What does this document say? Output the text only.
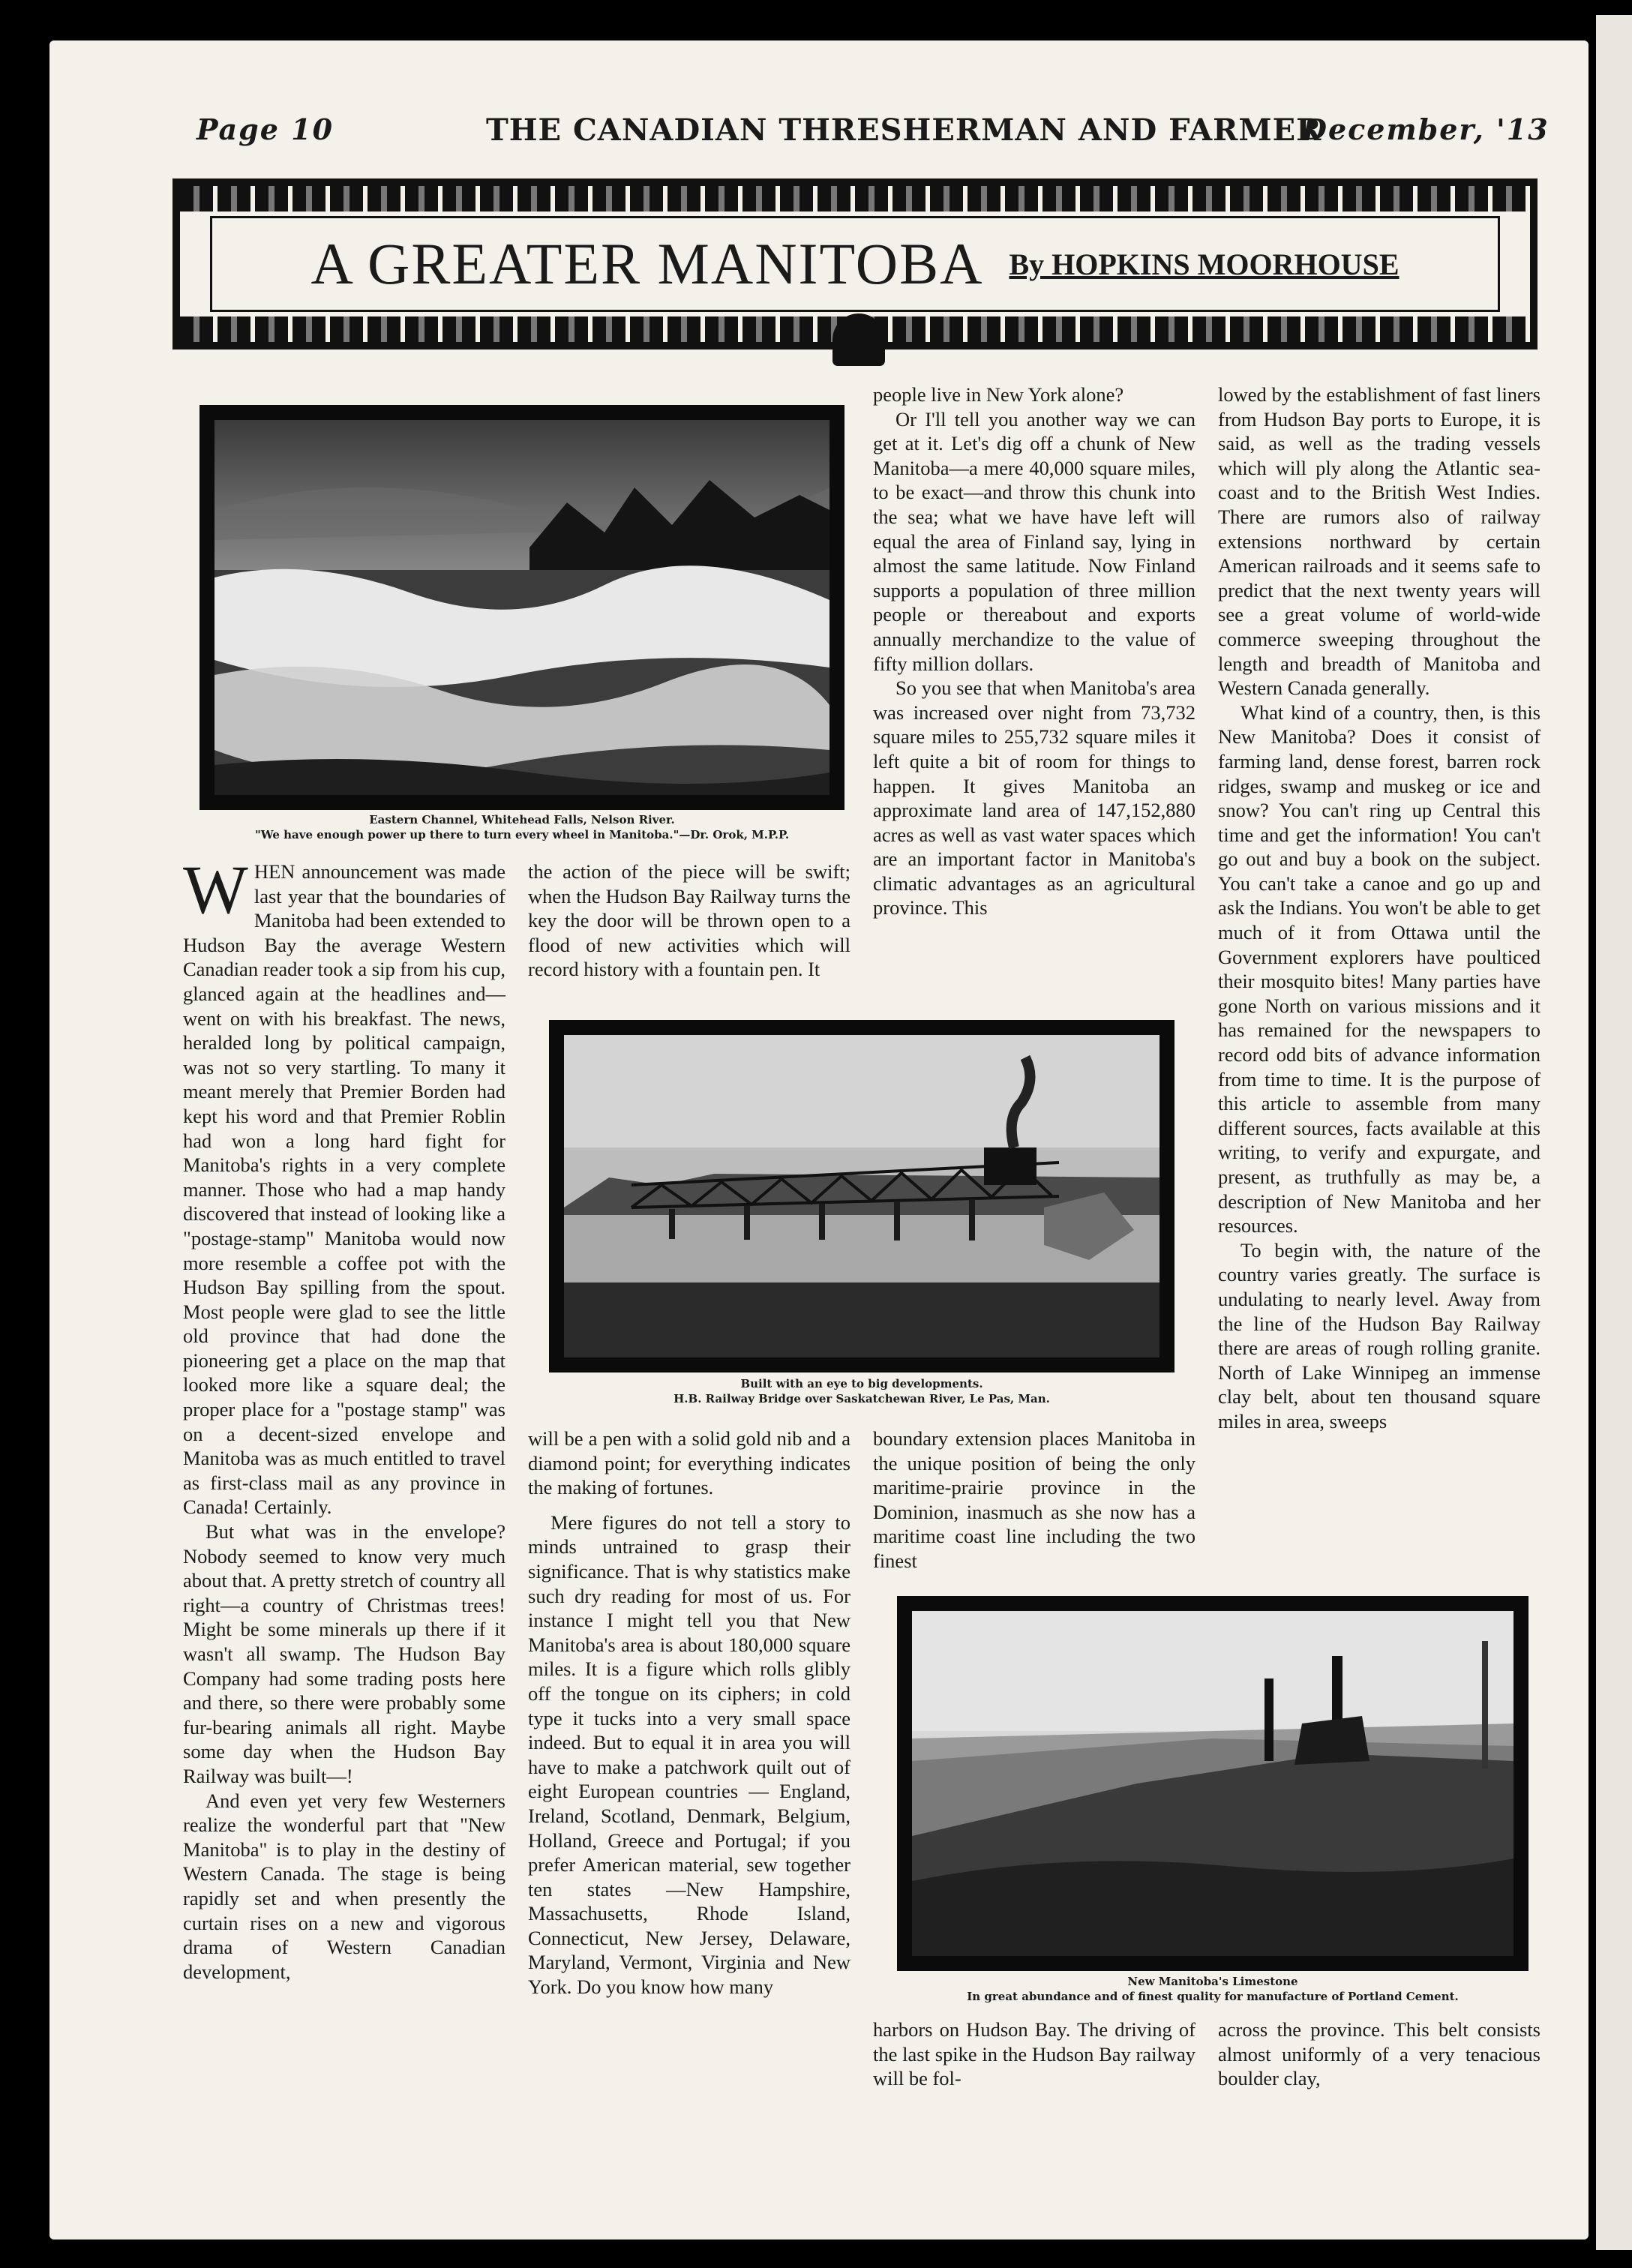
Page 10	THE CANADIAN THRESHERMAN AND FARMER
December, '13
A GREATER MANITOBA By HOPKINS MOORHOUSE
Eastern Channel, Whitehead Falls, Nelson River.
"We have enough power up there to turn every wheel in Manitoba."—Dr. Orok, M.P.P.

WHEN announcement was made last year that the boundaries of Manitoba had been extended to Hudson Bay the average Western Canadian reader took a sip from his cup, glanced again at the headlines and—went on with his breakfast. The news, heralded long by political campaign, was not so very startling. To many it meant merely that Premier Borden had kept his word and that Premier Roblin had won a long hard fight for Manitoba's rights in a very complete manner. Those who had a map handy discovered that instead of looking like a "postage-stamp" Manitoba would now more resemble a coffee pot with the Hudson Bay spilling from the spout. Most people were glad to see the little old province that had done the pioneering get a place on the map that looked more like a square deal; the proper place for a "postage stamp" was on a decent-sized envelope and Manitoba was as much entitled to travel as first-class mail as any province in Canada! Certainly.

But what was in the envelope? Nobody seemed to know very much about that. A pretty stretch of country all right—a country of Christmas trees! Might be some minerals up there if it wasn't all swamp. The Hudson Bay Company had some trading posts here and there, so there were probably some fur-bearing animals all right. Maybe some day when the Hudson Bay Railway was built—!

And even yet very few Westerners realize the wonderful part that "New Manitoba" is to play in the destiny of Western Canada. The stage is being rapidly set and when presently the curtain rises on a new and vigorous drama of Western Canadian development,

the action of the piece will be swift; when the Hudson Bay Railway turns the key the door will be thrown open to a flood of new activities which will record history with a fountain pen. It

Built with an eye to big developments.
H.B. Railway Bridge over Saskatchewan River, Le Pas, Man.

will be a pen with a solid gold nib and a diamond point; for everything indicates the making of fortunes.

Mere figures do not tell a story to minds untrained to grasp their significance. That is why statistics make such dry reading for most of us. For instance I might tell you that New Manitoba's area is about 180,000 square miles. It is a figure which rolls glibly off the tongue on its ciphers; in cold type it tucks into a very small space indeed. But to equal it in area you will have to make a patchwork quilt out of eight European countries — England, Ireland, Scotland, Denmark, Belgium, Holland, Greece and Portugal; if you prefer American material, sew together ten states —New Hampshire, Massachusetts, Rhode Island, Connecticut, New Jersey, Delaware, Maryland, Vermont, Virginia and New York. Do you know how many

people live in New York alone?

Or I'll tell you another way we can get at it. Let's dig off a chunk of New Manitoba—a mere 40,000 square miles, to be exact—and throw this chunk into the sea; what we have have left will equal the area of Finland say, lying in almost the same latitude. Now Finland supports a population of three million people or thereabout and exports annually merchandize to the value of fifty million dollars.

So you see that when Manitoba's area was increased over night from 73,732 square miles to 255,732 square miles it left quite a bit of room for things to happen. It gives Manitoba an approximate land area of 147,152,880 acres as well as vast water spaces which are an important factor in Manitoba's climatic advantages as an agricultural province. This

boundary extension places Manitoba in the unique position of being the only maritime-prairie province in the Dominion, inasmuch as she now has a maritime coast line including the two finest

lowed by the establishment of fast liners from Hudson Bay ports to Europe, it is said, as well as the trading vessels which will ply along the Atlantic sea-coast and to the British West Indies. There are rumors also of railway extensions northward by certain American railroads and it seems safe to predict that the next twenty years will see a great volume of world-wide commerce sweeping throughout the length and breadth of Manitoba and Western Canada generally.

What kind of a country, then, is this New Manitoba? Does it consist of farming land, dense forest, barren rock ridges, swamp and muskeg or ice and snow? You can't ring up Central this time and get the information! You can't go out and buy a book on the subject. You can't take a canoe and go up and ask the Indians. You won't be able to get much of it from Ottawa until the Government explorers have poulticed their mosquito bites! Many parties have gone North on various missions and it has remained for the newspapers to record odd bits of advance information from time to time. It is the purpose of this article to assemble from many different sources, facts available at this writing, to verify and expurgate, and present, as truthfully as may be, a description of New Manitoba and her resources.

To begin with, the nature of the country varies greatly. The surface is undulating to nearly level. Away from the line of the Hudson Bay Railway there are areas of rough rolling granite. North of Lake Winnipeg an immense clay belt, about ten thousand square miles in area, sweeps

New Manitoba's Limestone
In great abundance and of finest quality for manufacture of Portland Cement.

harbors on Hudson Bay. The driving of the last spike in the Hudson Bay railway will be fol-

across the province. This belt consists almost uniformly of a very tenacious boulder clay,
